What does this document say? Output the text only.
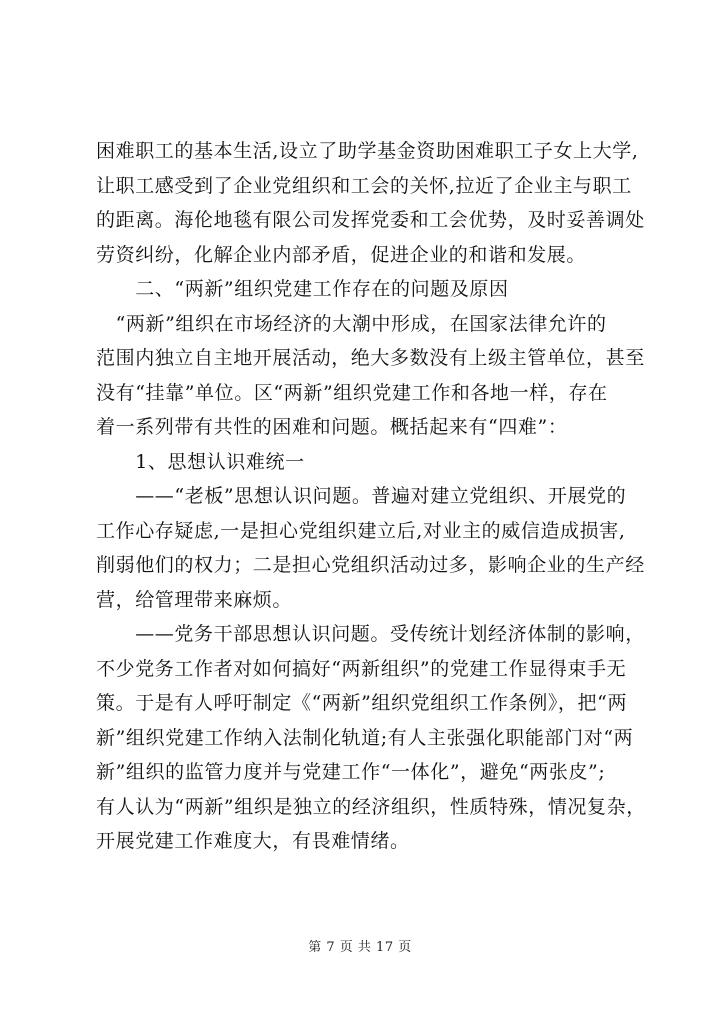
困难职工的基本生活,设立了助学基金资助困难职工子女上大学,
让职工感受到了企业党组织和工会的关怀,拉近了企业主与职工
的距离。海伦地毯有限公司发挥党委和工会优势，及时妥善调处
劳资纠纷，化解企业内部矛盾，促进企业的和谐和发展。
　　二、“两新”组织党建工作存在的问题及原因
　“两新”组织在市场经济的大潮中形成，在国家法律允许的
范围内独立自主地开展活动，绝大多数没有上级主管单位，甚至
没有“挂靠”单位。区“两新”组织党建工作和各地一样，存在
着一系列带有共性的困难和问题。概括起来有“四难”：
　　1、思想认识难统一
　　——“老板”思想认识问题。普遍对建立党组织、开展党的
工作心存疑虑,一是担心党组织建立后,对业主的威信造成损害,
削弱他们的权力；二是担心党组织活动过多，影响企业的生产经
营，给管理带来麻烦。
　　——党务干部思想认识问题。受传统计划经济体制的影响，
不少党务工作者对如何搞好“两新组织”的党建工作显得束手无
策。于是有人呼吁制定《“两新”组织党组织工作条例》，把“两
新”组织党建工作纳入法制化轨道;有人主张强化职能部门对“两
新”组织的监管力度并与党建工作“一体化”，避免“两张皮”;
有人认为“两新”组织是独立的经济组织，性质特殊，情况复杂，
开展党建工作难度大，有畏难情绪。
第 7 页 共 17 页
